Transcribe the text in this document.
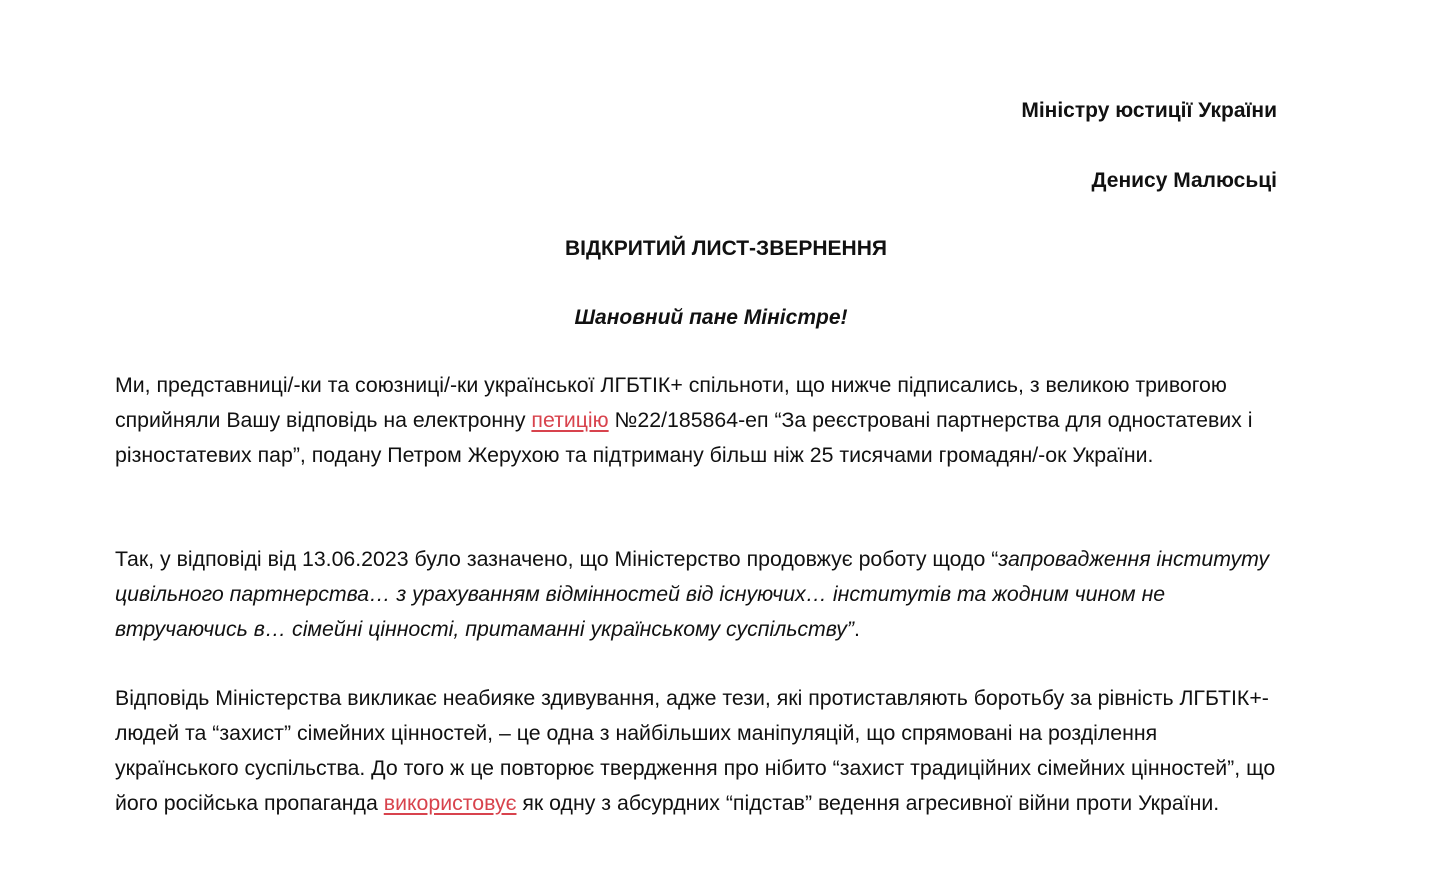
Міністру юстиції України
Денису Малюсьці
ВІДКРИТИЙ ЛИСТ-ЗВЕРНЕННЯ
Шановний пане Міністре!

Ми, представниці/-ки та союзниці/-ки української ЛГБТІК+ спільноти, що нижче підписались, з великою тривогою сприйняли Вашу відповідь на електронну петицію №22/185864-еп “За реєстровані партнерства для одностатевих і різностатевих пар”, подану Петром Жерухою та підтриману більш ніж 25 тисячами громадян/-ок України.

Так, у відповіді від 13.06.2023 було зазначено, що Міністерство продовжує роботу щодо “запровадження інституту цивільного партнерства… з урахуванням відмінностей від існуючих… інститутів та жодним чином не втручаючись в… сімейні цінності, притаманні українському суспільству”.

Відповідь Міністерства викликає неабияке здивування, адже тези, які протиставляють боротьбу за рівність ЛГБТІК+-людей та “захист” сімейних цінностей, – це одна з найбільших маніпуляцій, що спрямовані на розділення українського суспільства. До того ж це повторює твердження про нібито “захист традиційних сімейних цінностей”, що його російська пропаганда використовує як одну з абсурдних “підстав” ведення агресивної війни проти України.
